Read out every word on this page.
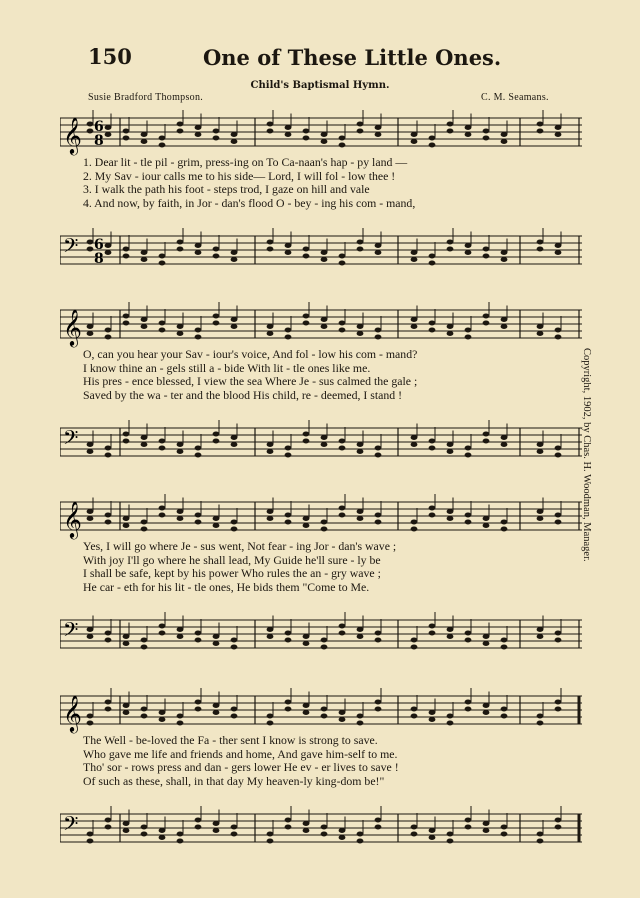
150	One of These Little Ones.
Child's Baptismal Hymn.
Susie Bradford Thompson.	C. M. Seamans.
𝄞
𝄢
6
8
6
8
1. Dear lit - tle pil - grim, press-ing on To Ca-naan's hap - py land —
2. My Sav - iour calls me to his side— Lord, I will fol - low thee !
3. I walk the path his foot - steps trod, I gaze on hill and vale
4. And now, by faith, in Jor - dan's flood O - bey - ing his com - mand,
𝄞
𝄢
O, can you hear your Sav - iour's voice, And fol - low his com - mand?
I know thine an - gels still a - bide With lit - tle ones like me.
His pres - ence blessed, I view the sea Where Je - sus calmed the gale ;
Saved by the wa - ter and the blood His child, re - deemed, I stand !
𝄞
𝄢
Yes, I will go where Je - sus went, Not fear - ing Jor - dan's wave ;
With joy I'll go where he shall lead, My Guide he'll sure - ly be
I shall be safe, kept by his power Who rules the an - gry wave ;
He car - eth for his lit - tle ones, He bids them "Come to Me.
𝄞
𝄢
The Well - be-loved the Fa - ther sent I know is strong to save.
Who gave me life and friends and home, And gave him-self to me.
Tho' sor - rows press and dan - gers lower He ev - er lives to save !
Of such as these, shall, in that day My heaven-ly king-dom be!"
Copyright, 1902, by Chas. H. Woodman, Manager.
